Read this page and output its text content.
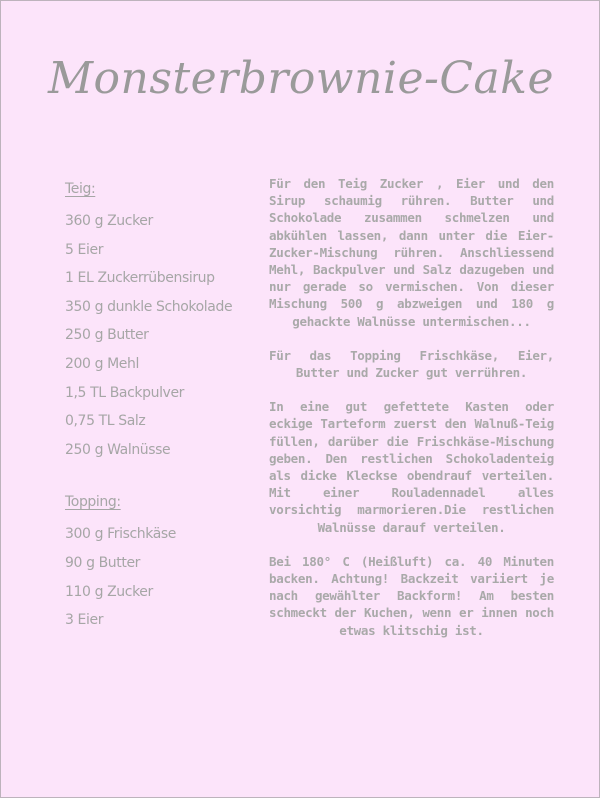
Monsterbrownie-Cake
Teig:
360 g Zucker
5 Eier
1 EL Zuckerrübensirup
350 g dunkle Schokolade
250 g Butter
200 g Mehl
1,5 TL Backpulver
0,75 TL Salz
250 g Walnüsse
Topping:
300 g Frischkäse
90 g Butter
110 g Zucker
3 Eier

Für den Teig Zucker , Eier und den Sirup schaumig rühren. Butter und Schokolade zusammen schmelzen und abkühlen lassen, dann unter die Eier-Zucker-Mischung rühren. Anschliessend Mehl, Backpulver und Salz dazugeben und nur gerade so vermischen. Von dieser Mischung 500 g abzweigen und 180 g gehackte Walnüsse untermischen...

Für das Topping Frischkäse, Eier, Butter und Zucker gut verrühren.

In eine gut gefettete Kasten oder eckige Tarteform zuerst den Walnuß-Teig füllen, darüber die Frischkäse-Mischung geben. Den restlichen Schokoladenteig als dicke Kleckse obendrauf verteilen. Mit einer Rouladennadel alles vorsichtig marmorieren.Die restlichen Walnüsse darauf verteilen.

Bei 180° C (Heißluft) ca. 40 Minuten backen. Achtung! Backzeit variiert je nach gewählter Backform! Am besten schmeckt der Kuchen, wenn er innen noch etwas klitschig ist.
